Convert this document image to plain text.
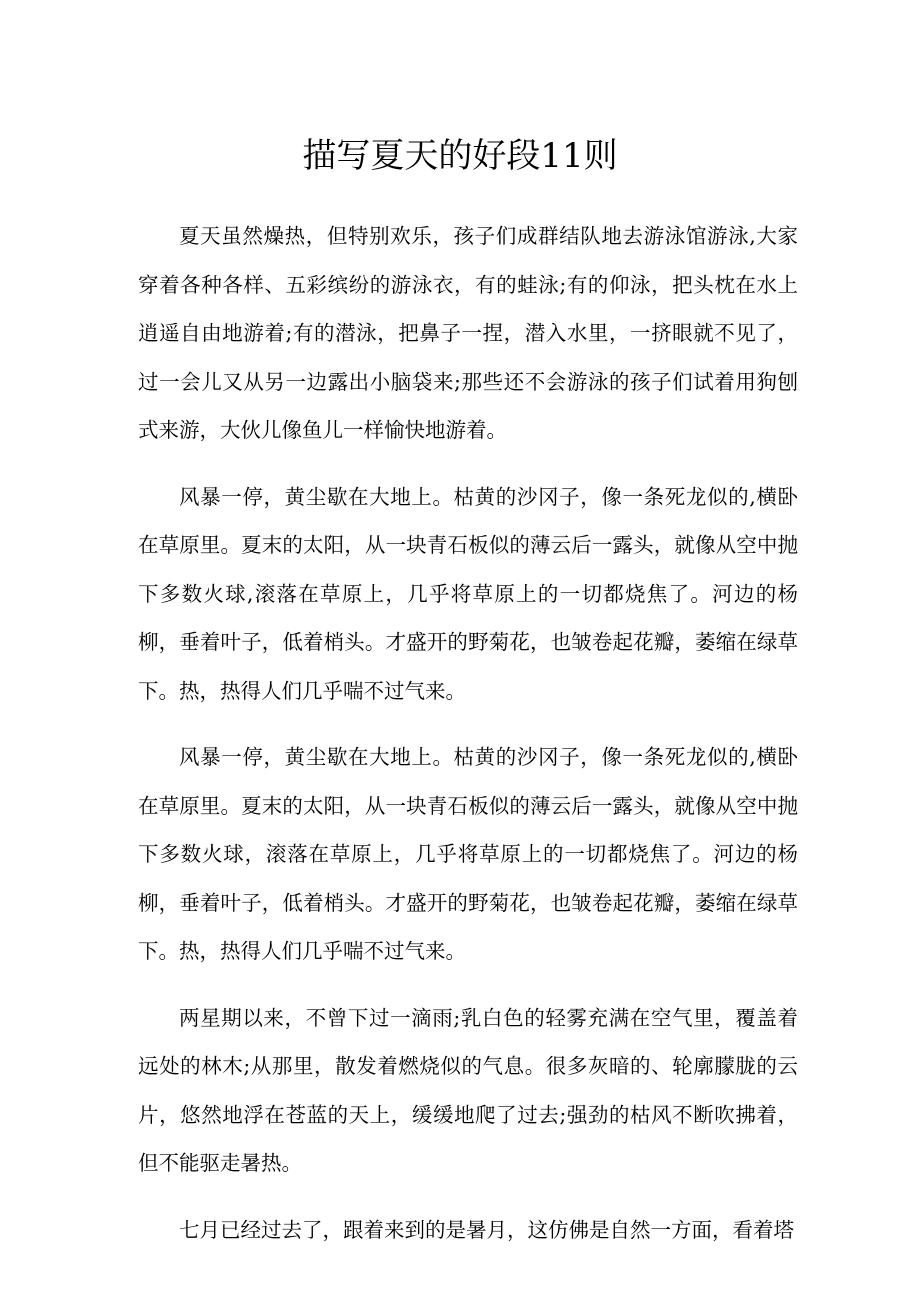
描写夏天的好段11则

夏天虽然燥热，但特别欢乐，孩子们成群结队地去游泳馆游泳,大家穿着各种各样、五彩缤纷的游泳衣，有的蛙泳;有的仰泳，把头枕在水上逍遥自由地游着;有的潜泳，把鼻子一捏，潜入水里，一挤眼就不见了，过一会儿又从另一边露出小脑袋来;那些还不会游泳的孩子们试着用狗刨式来游，大伙儿像鱼儿一样愉快地游着。

风暴一停，黄尘歇在大地上。枯黄的沙冈子，像一条死龙似的,横卧在草原里。夏末的太阳，从一块青石板似的薄云后一露头，就像从空中抛下多数火球,滚落在草原上，几乎将草原上的一切都烧焦了。河边的杨柳，垂着叶子，低着梢头。才盛开的野菊花，也皱卷起花瓣，萎缩在绿草下。热，热得人们几乎喘不过气来。

风暴一停，黄尘歇在大地上。枯黄的沙冈子，像一条死龙似的,横卧在草原里。夏末的太阳，从一块青石板似的薄云后一露头，就像从空中抛下多数火球，滚落在草原上，几乎将草原上的一切都烧焦了。河边的杨柳，垂着叶子，低着梢头。才盛开的野菊花，也皱卷起花瓣，萎缩在绿草下。热，热得人们几乎喘不过气来。

两星期以来，不曾下过一滴雨;乳白色的轻雾充满在空气里，覆盖着远处的林木;从那里，散发着燃烧似的气息。很多灰暗的、轮廓朦胧的云片，悠然地浮在苍蓝的天上，缓缓地爬了过去;强劲的枯风不断吹拂着，但不能驱走暑热。

七月已经过去了，跟着来到的是暑月，这仿佛是自然一方面，看着塔
